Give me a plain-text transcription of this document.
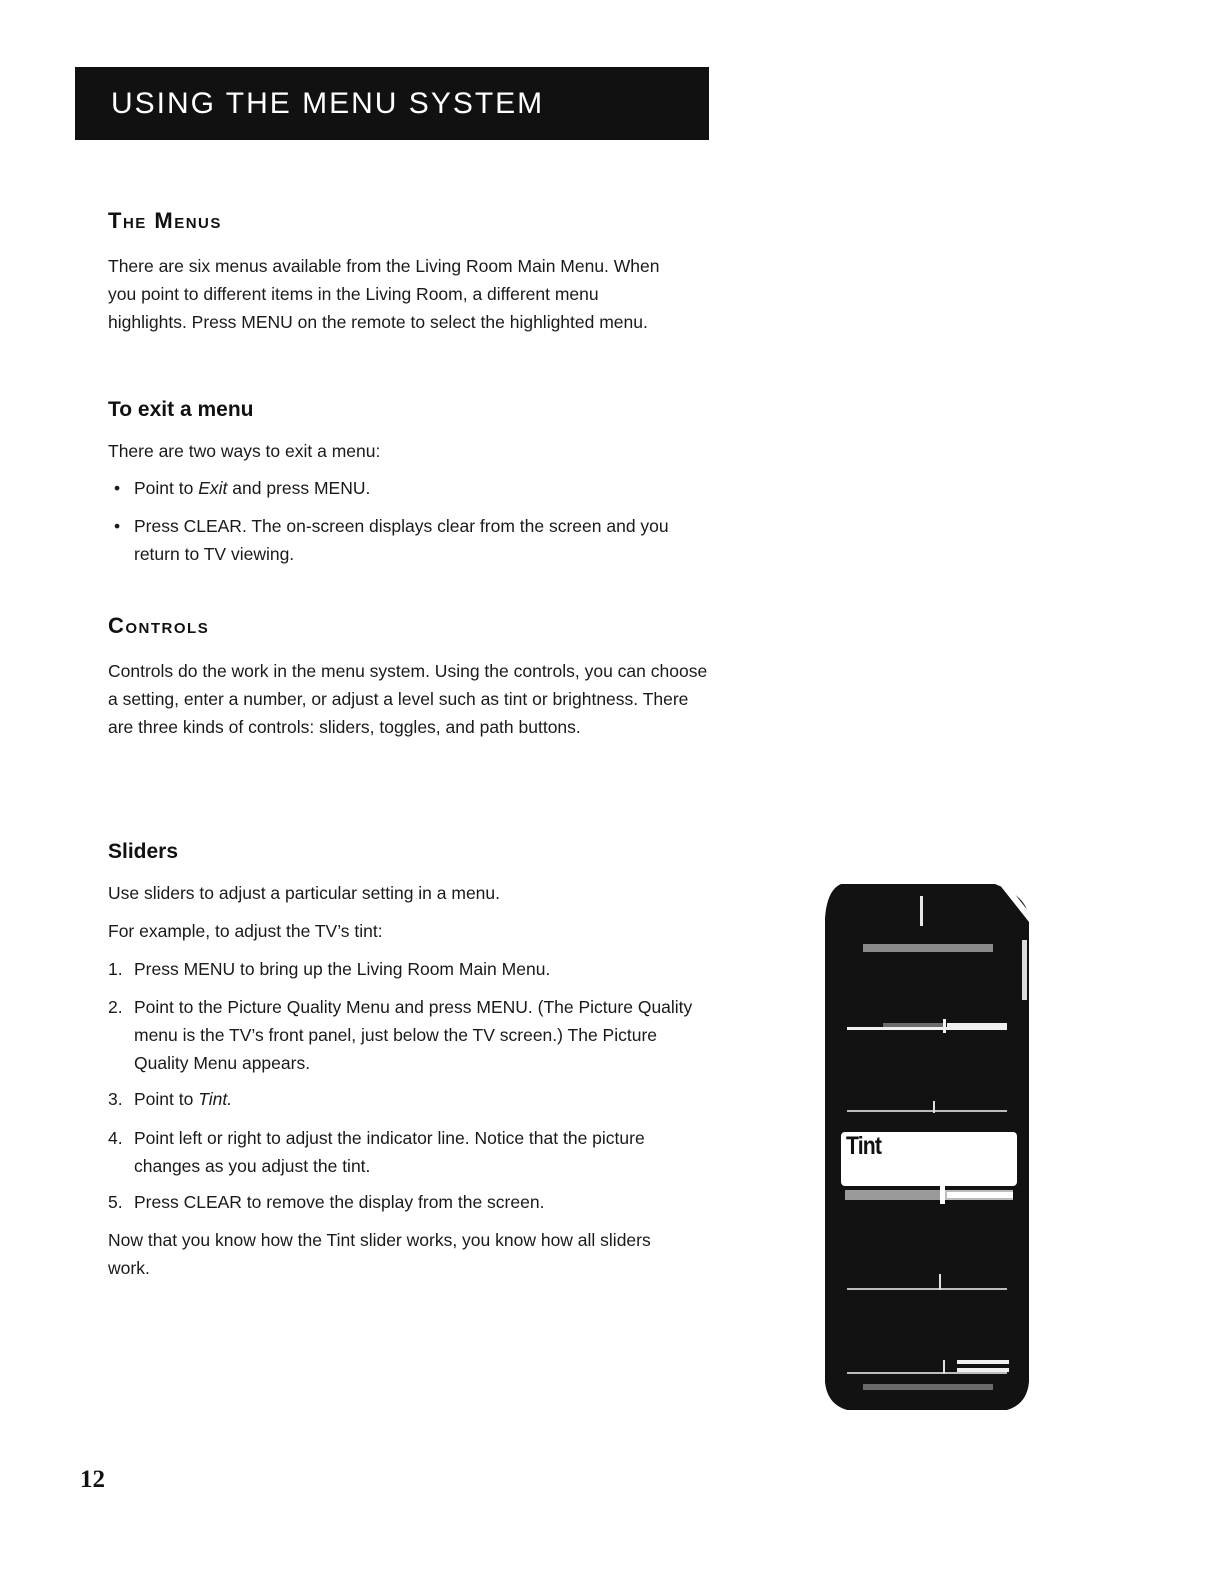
USING THE MENU SYSTEM
The Menus

There are six menus available from the Living Room Main Menu. When you point to different items in the Living Room, a different menu highlights. Press MENU on the remote to select the highlighted menu.

To exit a menu

There are two ways to exit a menu:

• Point to Exit and press MENU.

• Press CLEAR. The on-screen displays clear from the screen and you return to TV viewing.

Controls

Controls do the work in the menu system. Using the controls, you can choose a setting, enter a number, or adjust a level such as tint or brightness. There are three kinds of controls: sliders, toggles, and path buttons.

Sliders

Use sliders to adjust a particular setting in a menu.

For example, to adjust the TV’s tint:

1. Press MENU to bring up the Living Room Main Menu.

2. Point to the Picture Quality Menu and press MENU. (The Picture Quality menu is the TV’s front panel, just below the TV screen.) The Picture Quality Menu appears.

3. Point to Tint.

4. Point left or right to adjust the indicator line. Notice that the picture changes as you adjust the tint.

5. Press CLEAR to remove the display from the screen.

Now that you know how the Tint slider works, you know how all sliders work.

Tint
12
